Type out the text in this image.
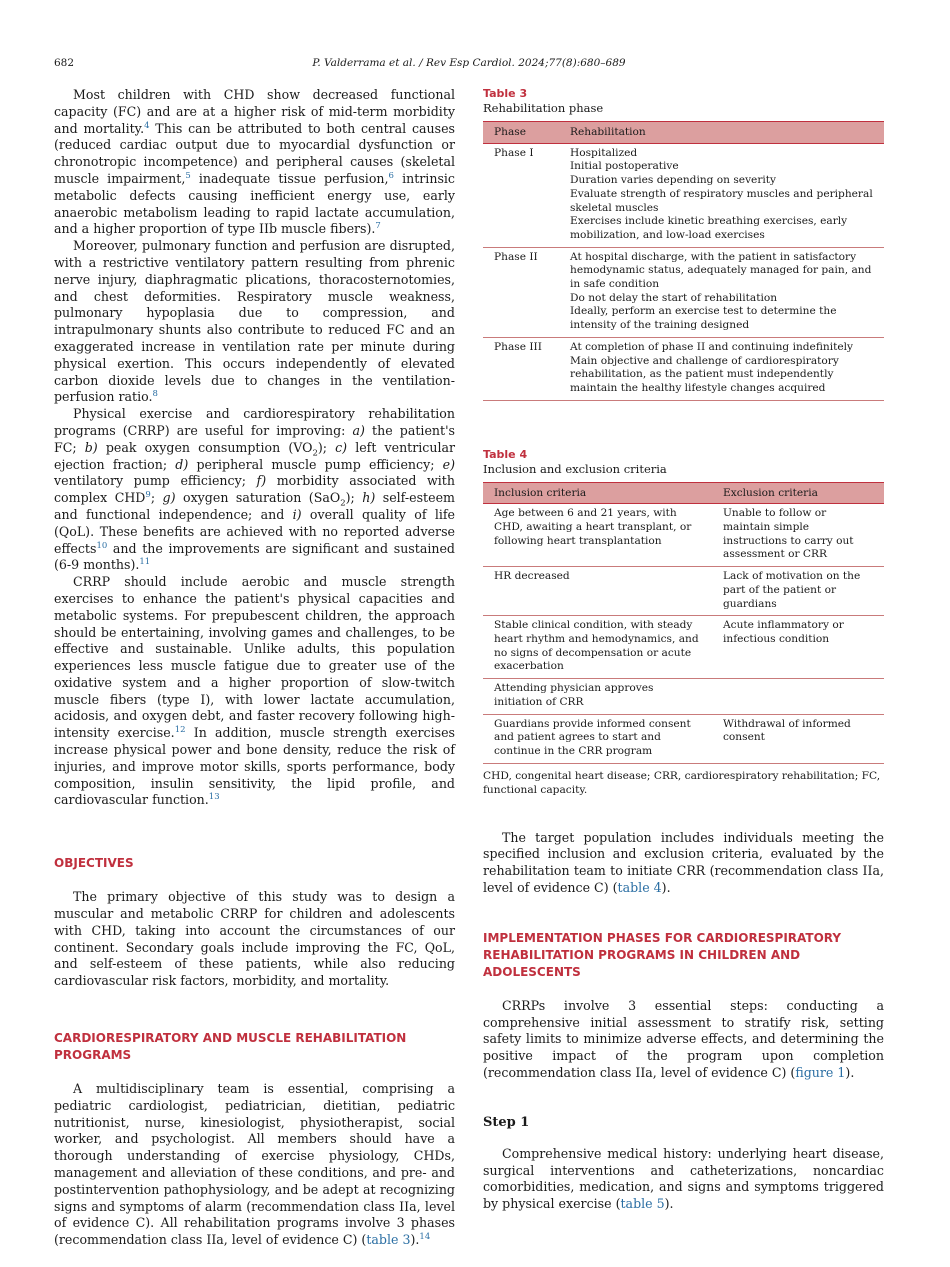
682	P. Valderrama et al. / Rev Esp Cardiol. 2024;77(8):680–689

Most children with CHD show decreased functional capacity (FC) and are at a higher risk of mid-term morbidity and mortality.$^4$ This can be attributed to both central causes (reduced cardiac output due to myocardial dysfunction or chronotropic incompetence) and peripheral causes (skeletal muscle impairment,$^5$ inadequate tissue perfusion,$^6$ intrinsic metabolic defects causing inefficient energy use, early anaerobic metabolism leading to rapid lactate accumulation, and a higher proportion of type IIb muscle fibers).$^7$

Moreover, pulmonary function and perfusion are disrupted, with a restrictive ventilatory pattern resulting from phrenic nerve injury, diaphragmatic plications, thoracosternotomies, and chest deformities. Respiratory muscle weakness, pulmonary hypoplasia due to compression, and intrapulmonary shunts also contribute to reduced FC and an exaggerated increase in ventilation rate per minute during physical exertion. This occurs independently of elevated carbon dioxide levels due to changes in the ventilation-perfusion ratio.$^8$

Physical exercise and cardiorespiratory rehabilitation programs (CRRP) are useful for improving: a) the patient's FC; b) peak oxygen consumption $(VO_2)$; c) left ventricular ejection fraction; d) peripheral muscle pump efficiency; e) ventilatory pump efficiency; f) morbidity associated with complex CHD$^9$; g) oxygen saturation (SaO$_2$); h) self-esteem and functional independence; and i) overall quality of life (QoL). These benefits are achieved with no reported adverse effects$^{10}$ and the improvements are significant and sustained (6-9 months).$^{11}$

CRRP should include aerobic and muscle strength exercises to enhance the patient's physical capacities and metabolic systems. For prepubescent children, the approach should be entertaining, involving games and challenges, to be effective and sustainable. Unlike adults, this population experiences less muscle fatigue due to greater use of the oxidative system and a higher proportion of slow-twitch muscle fibers (type I), with lower lactate accumulation, acidosis, and oxygen debt, and faster recovery following high-intensity exercise.$^{12}$ In addition, muscle strength exercises increase physical power and bone density, reduce the risk of injuries, and improve motor skills, sports performance, body composition, insulin sensitivity, the lipid profile, and cardiovascular function.$^{13}$

OBJECTIVES

The primary objective of this study was to design a muscular and metabolic CRRP for children and adolescents with CHD, taking into account the circumstances of our continent. Secondary goals include improving the FC, QoL, and self-esteem of these patients, while also reducing cardiovascular risk factors, morbidity, and mortality.

CARDIORESPIRATORY AND MUSCLE REHABILITATION
PROGRAMS

A multidisciplinary team is essential, comprising a pediatric cardiologist, pediatrician, dietitian, pediatric nutritionist, nurse, kinesiologist, physiotherapist, social worker, and psychologist. All members should have a thorough understanding of exercise physiology, CHDs, management and alleviation of these conditions, and pre- and postintervention pathophysiology, and be adept at recognizing signs and symptoms of alarm (recommendation class IIa, level of evidence C). All rehabilitation programs involve 3 phases (recommendation class IIa, level of evidence C) (table 3).$^{14}$

Table 3
Rehabilitation phase
Phase	Rehabilitation
Phase I	Hospitalized
Initial postoperative
Duration varies depending on severity
Evaluate strength of respiratory muscles and peripheral skeletal muscles
Exercises include kinetic breathing exercises, early mobilization, and low-load exercises

Phase II	At hospital discharge, with the patient in satisfactory hemodynamic status, adequately managed for pain, and in safe condition
Do not delay the start of rehabilitation
Ideally, perform an exercise test to determine the intensity of the training designed

Phase III	At completion of phase II and continuing indefinitely
Main objective and challenge of cardiorespiratory rehabilitation, as the patient must independently maintain the healthy lifestyle changes acquired
Table 4
Inclusion and exclusion criteria
Inclusion criteria	Exclusion criteria
Age between 6 and 21 years, with CHD, awaiting a heart transplant, or following heart transplantation	Unable to follow or maintain simple instructions to carry out assessment or CRR
HR decreased	Lack of motivation on the part of the patient or guardians
Stable clinical condition, with steady heart rhythm and hemodynamics, and no signs of decompensation or acute exacerbation	Acute inflammatory or infectious condition
Attending physician approves initiation of CRR	
Guardians provide informed consent and patient agrees to start and continue in the CRR program	Withdrawal of informed consent
CHD, congenital heart disease; CRR, cardiorespiratory rehabilitation; FC, functional capacity.

The target population includes individuals meeting the specified inclusion and exclusion criteria, evaluated by the rehabilitation team to initiate CRR (recommendation class IIa, level of evidence C) (table 4).

IMPLEMENTATION PHASES FOR CARDIORESPIRATORY
REHABILITATION PROGRAMS IN CHILDREN AND ADOLESCENTS

CRRPs involve 3 essential steps: conducting a comprehensive initial assessment to stratify risk, setting safety limits to minimize adverse effects, and determining the positive impact of the program upon completion (recommendation class IIa, level of evidence C) (figure 1).

Step 1

Comprehensive medical history: underlying heart disease, surgical interventions and catheterizations, noncardiac comorbidities, medication, and signs and symptoms triggered by physical exercise (table 5).
